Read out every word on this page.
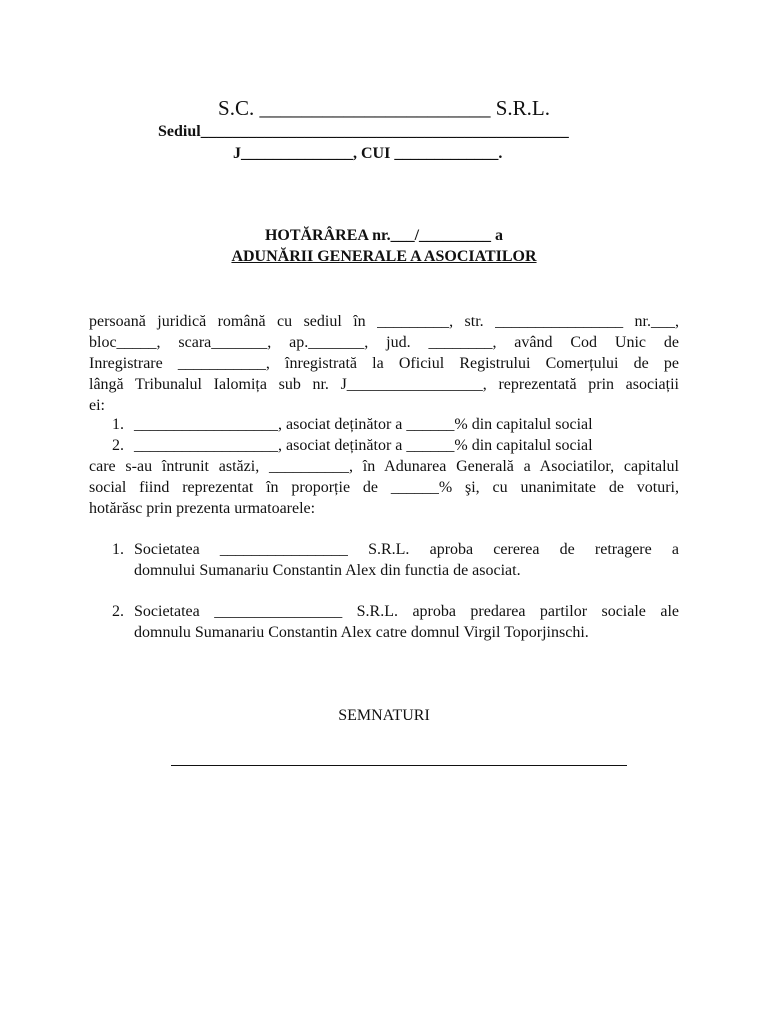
S.C. ______________________ S.R.L.
Sediul______________________________________________
J______________, CUI _____________.
HOTĂRÂREA nr.___/_________ a
ADUNĂRII GENERALE A ASOCIATILOR
persoană juridică română cu sediul în _________, str. ________________ nr.___,
bloc_____, scara_______, ap._______, jud. ________, având Cod Unic de
Inregistrare ___________, înregistrată la Oficiul Registrului Comerțului de pe
lângă Tribunalul Ialomița sub nr. J_________________, reprezentată prin asociații
ei:
1. __________________, asociat deținător a ______% din capitalul social
2. __________________, asociat deținător a ______% din capitalul social
care s-au întrunit astăzi, __________, în Adunarea Generală a Asociatilor, capitalul
social fiind reprezentat în proporție de ______% şi, cu unanimitate de voturi,
hotărăsc prin prezenta urmatoarele:
1. Societatea ________________ S.R.L. aproba cererea de retragere a
domnului Sumanariu Constantin Alex din functia de asociat.
2. Societatea ________________ S.R.L. aproba predarea partilor sociale ale
domnulu Sumanariu Constantin Alex catre domnul Virgil Toporjinschi.
SEMNATURI
